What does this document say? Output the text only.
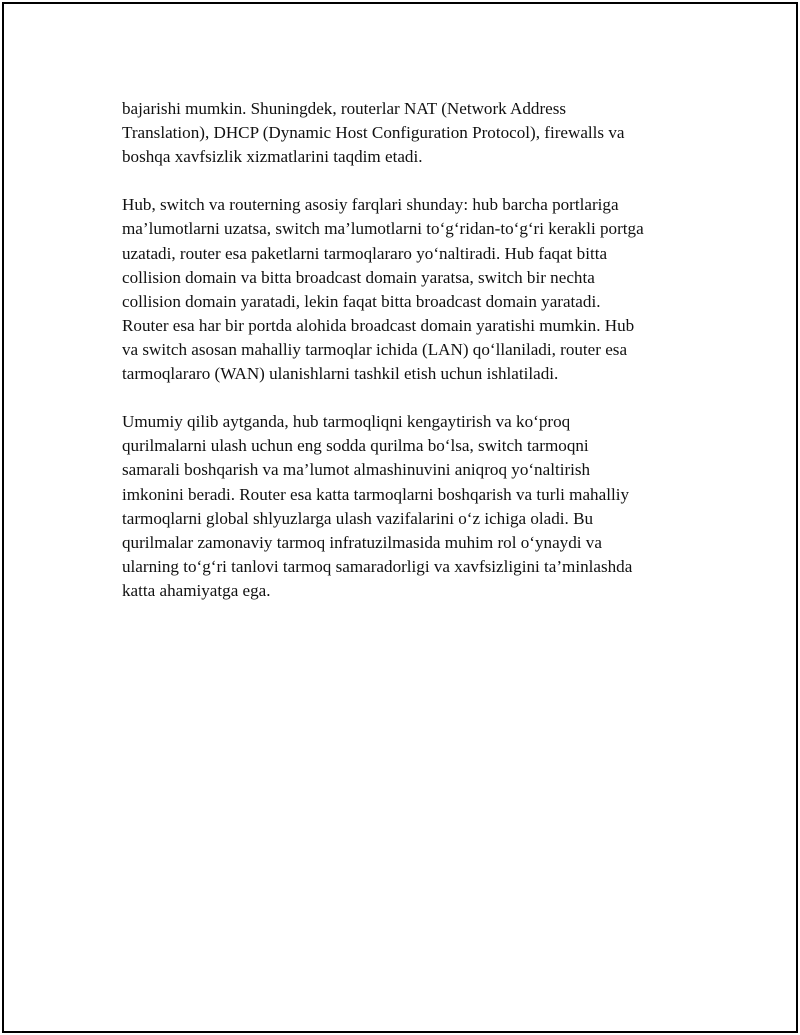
bajarishi mumkin. Shuningdek, routerlar NAT (Network Address
Translation), DHCP (Dynamic Host Configuration Protocol), firewalls va
boshqa xavfsizlik xizmatlarini taqdim etadi.

Hub, switch va routerning asosiy farqlari shunday: hub barcha portlariga
ma’lumotlarni uzatsa, switch ma’lumotlarni to‘g‘ridan-to‘g‘ri kerakli portga
uzatadi, router esa paketlarni tarmoqlararo yo‘naltiradi. Hub faqat bitta
collision domain va bitta broadcast domain yaratsa, switch bir nechta
collision domain yaratadi, lekin faqat bitta broadcast domain yaratadi.
Router esa har bir portda alohida broadcast domain yaratishi mumkin. Hub
va switch asosan mahalliy tarmoqlar ichida (LAN) qo‘llaniladi, router esa
tarmoqlararo (WAN) ulanishlarni tashkil etish uchun ishlatiladi.

Umumiy qilib aytganda, hub tarmoqliqni kengaytirish va ko‘proq
qurilmalarni ulash uchun eng sodda qurilma bo‘lsa, switch tarmoqni
samarali boshqarish va ma’lumot almashinuvini aniqroq yo‘naltirish
imkonini beradi. Router esa katta tarmoqlarni boshqarish va turli mahalliy
tarmoqlarni global shlyuzlarga ulash vazifalarini o‘z ichiga oladi. Bu
qurilmalar zamonaviy tarmoq infratuzilmasida muhim rol o‘ynaydi va
ularning to‘g‘ri tanlovi tarmoq samaradorligi va xavfsizligini ta’minlashda
katta ahamiyatga ega.
